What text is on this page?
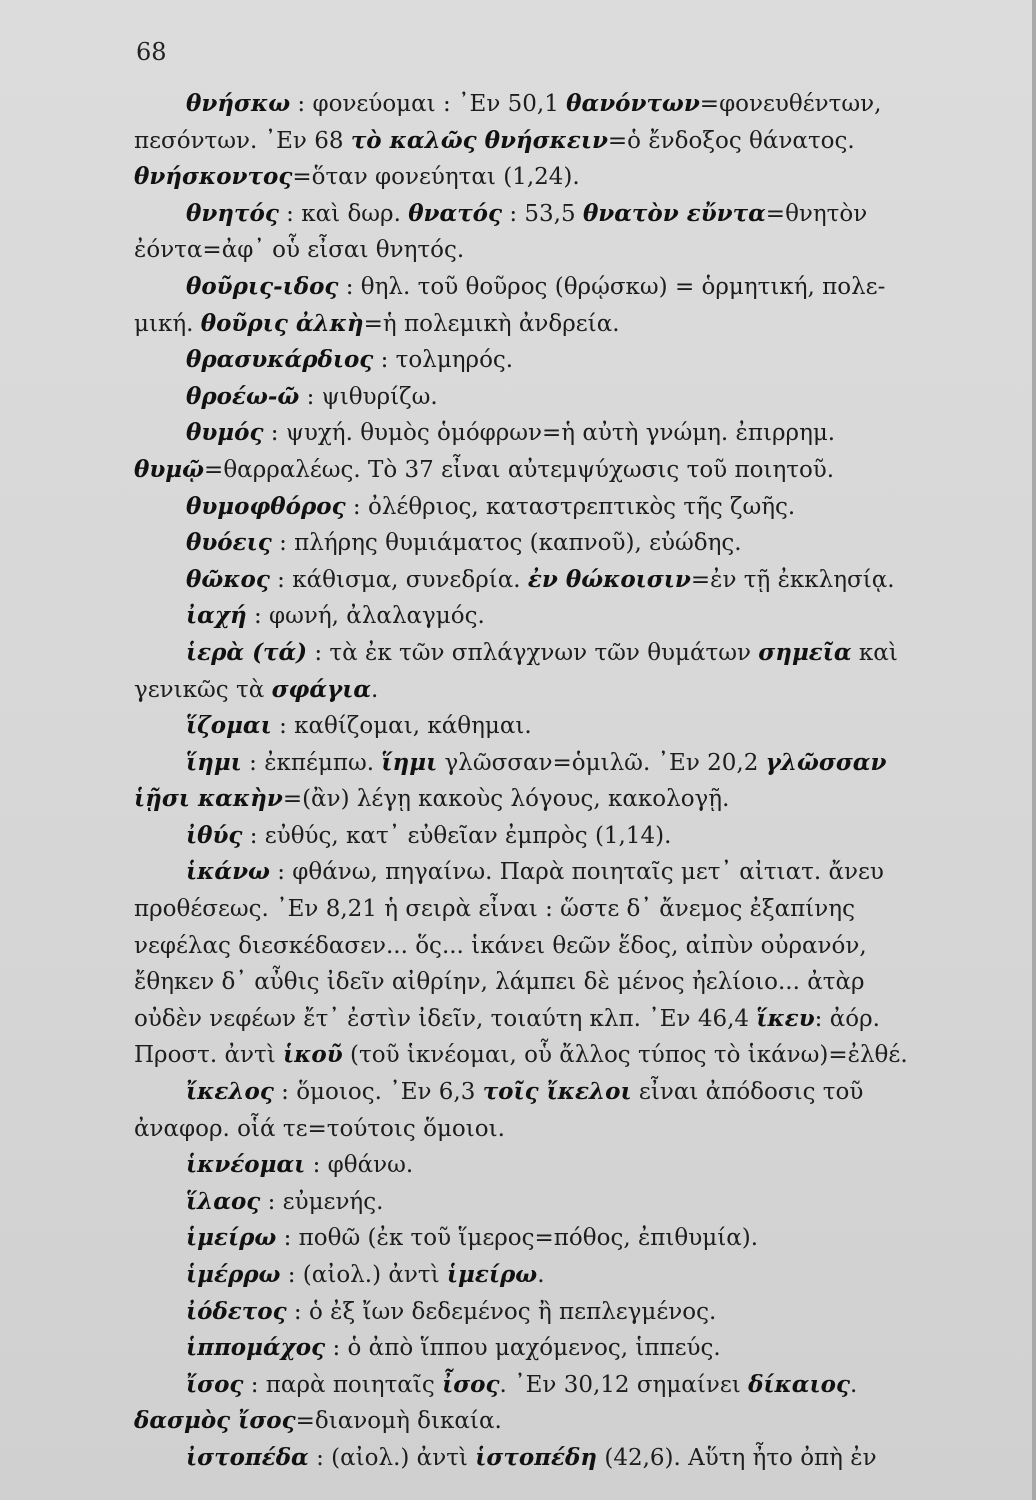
68
θνήσκω : φονεύομαι : ᾽Εν 50,1 θανόντων=φονευθέντων,
πεσόντων. ᾽Εν 68 τὸ καλῶς θνήσκειν=ὁ ἔνδοξος θάνατος.
θνήσκοντος=ὅταν φονεύηται (1,24).
θνητός : καὶ δωρ. θνατός : 53,5 θνατὸν εὔντα=θνητὸν
ἐόντα=ἀφ᾽ οὗ εἶσαι θνητός.
θοῦρις-ιδος : θηλ. τοῦ θοῦρος (θρῴσκω) = ὁρμητική, πολε-
μική. θοῦρις ἀλκὴ=ἡ πολεμικὴ ἀνδρεία.
θρασυκάρδιος : τολμηρός.
θροέω-ῶ : ψιθυρίζω.
θυμός : ψυχή. θυμὸς ὁμόφρων=ἡ αὐτὴ γνώμη. ἐπιρρημ.
θυμῷ=θαρραλέως. Τὸ 37 εἶναι αὐτεμψύχωσις τοῦ ποιητοῦ.
θυμοφθόρος : ὀλέθριος, καταστρεπτικὸς τῆς ζωῆς.
θυόεις : πλήρης θυμιάματος (καπνοῦ), εὐώδης.
θῶκος : κάθισμα, συνεδρία. ἐν θώκοισιν=ἐν τῇ ἐκκλησίᾳ.
ἰαχή : φωνή, ἀλαλαγμός.
ἱερὰ (τά) : τὰ ἐκ τῶν σπλάγχνων τῶν θυμάτων σημεῖα καὶ
γενικῶς τὰ σφάγια.
ἵζομαι : καθίζομαι, κάθημαι.
ἵημι : ἐκπέμπω. ἵημι γλῶσσαν=ὁμιλῶ. ᾽Εν 20,2 γλῶσσαν
ἱῇσι κακὴν=(ἂν) λέγῃ κακοὺς λόγους, κακολογῇ.
ἰθύς : εὐθύς, κατ᾽ εὐθεῖαν ἐμπρὸς (1,14).
ἱκάνω : φθάνω, πηγαίνω. Παρὰ ποιηταῖς μετ᾽ αἰτιατ. ἄνευ
προθέσεως. ᾽Εν 8,21 ἡ σειρὰ εἶναι : ὥστε δ᾽ ἄνεμος ἐξαπίνης
νεφέλας διεσκέδασεν... ὅς... ἱκάνει θεῶν ἕδος, αἰπὺν οὐρανόν,
ἔθηκεν δ᾽ αὖθις ἰδεῖν αἰθρίην, λάμπει δὲ μένος ἠελίοιο... ἀτὰρ
οὐδὲν νεφέων ἔτ᾽ ἐστὶν ἰδεῖν, τοιαύτη κλπ. ᾽Εν 46,4 ἵκευ: ἀόρ.
Προστ. ἀντὶ ἱκοῦ (τοῦ ἱκνέομαι, οὗ ἄλλος τύπος τὸ ἱκάνω)=ἐλθέ.
ἴκελος : ὅμοιος. ᾽Εν 6,3 τοῖς ἴκελοι εἶναι ἀπόδοσις τοῦ
ἀναφορ. οἷά τε=τούτοις ὅμοιοι.
ἱκνέομαι : φθάνω.
ἵλαος : εὐμενής.
ἱμείρω : ποθῶ (ἐκ τοῦ ἵμερος=πόθος, ἐπιθυμία).
ἱμέρρω : (αἰολ.) ἀντὶ ἱμείρω.
ἰόδετος : ὁ ἐξ ἴων δεδεμένος ἢ πεπλεγμένος.
ἱππομάχος : ὁ ἀπὸ ἵππου μαχόμενος, ἱππεύς.
ἴσος : παρὰ ποιηταῖς ἶσος. ᾽Εν 30,12 σημαίνει δίκαιος.
δασμὸς ἴσος=διανομὴ δικαία.
ἰστοπέδα : (αἰολ.) ἀντὶ ἱστοπέδη (42,6). Αὕτη ἦτο ὀπὴ ἐν
